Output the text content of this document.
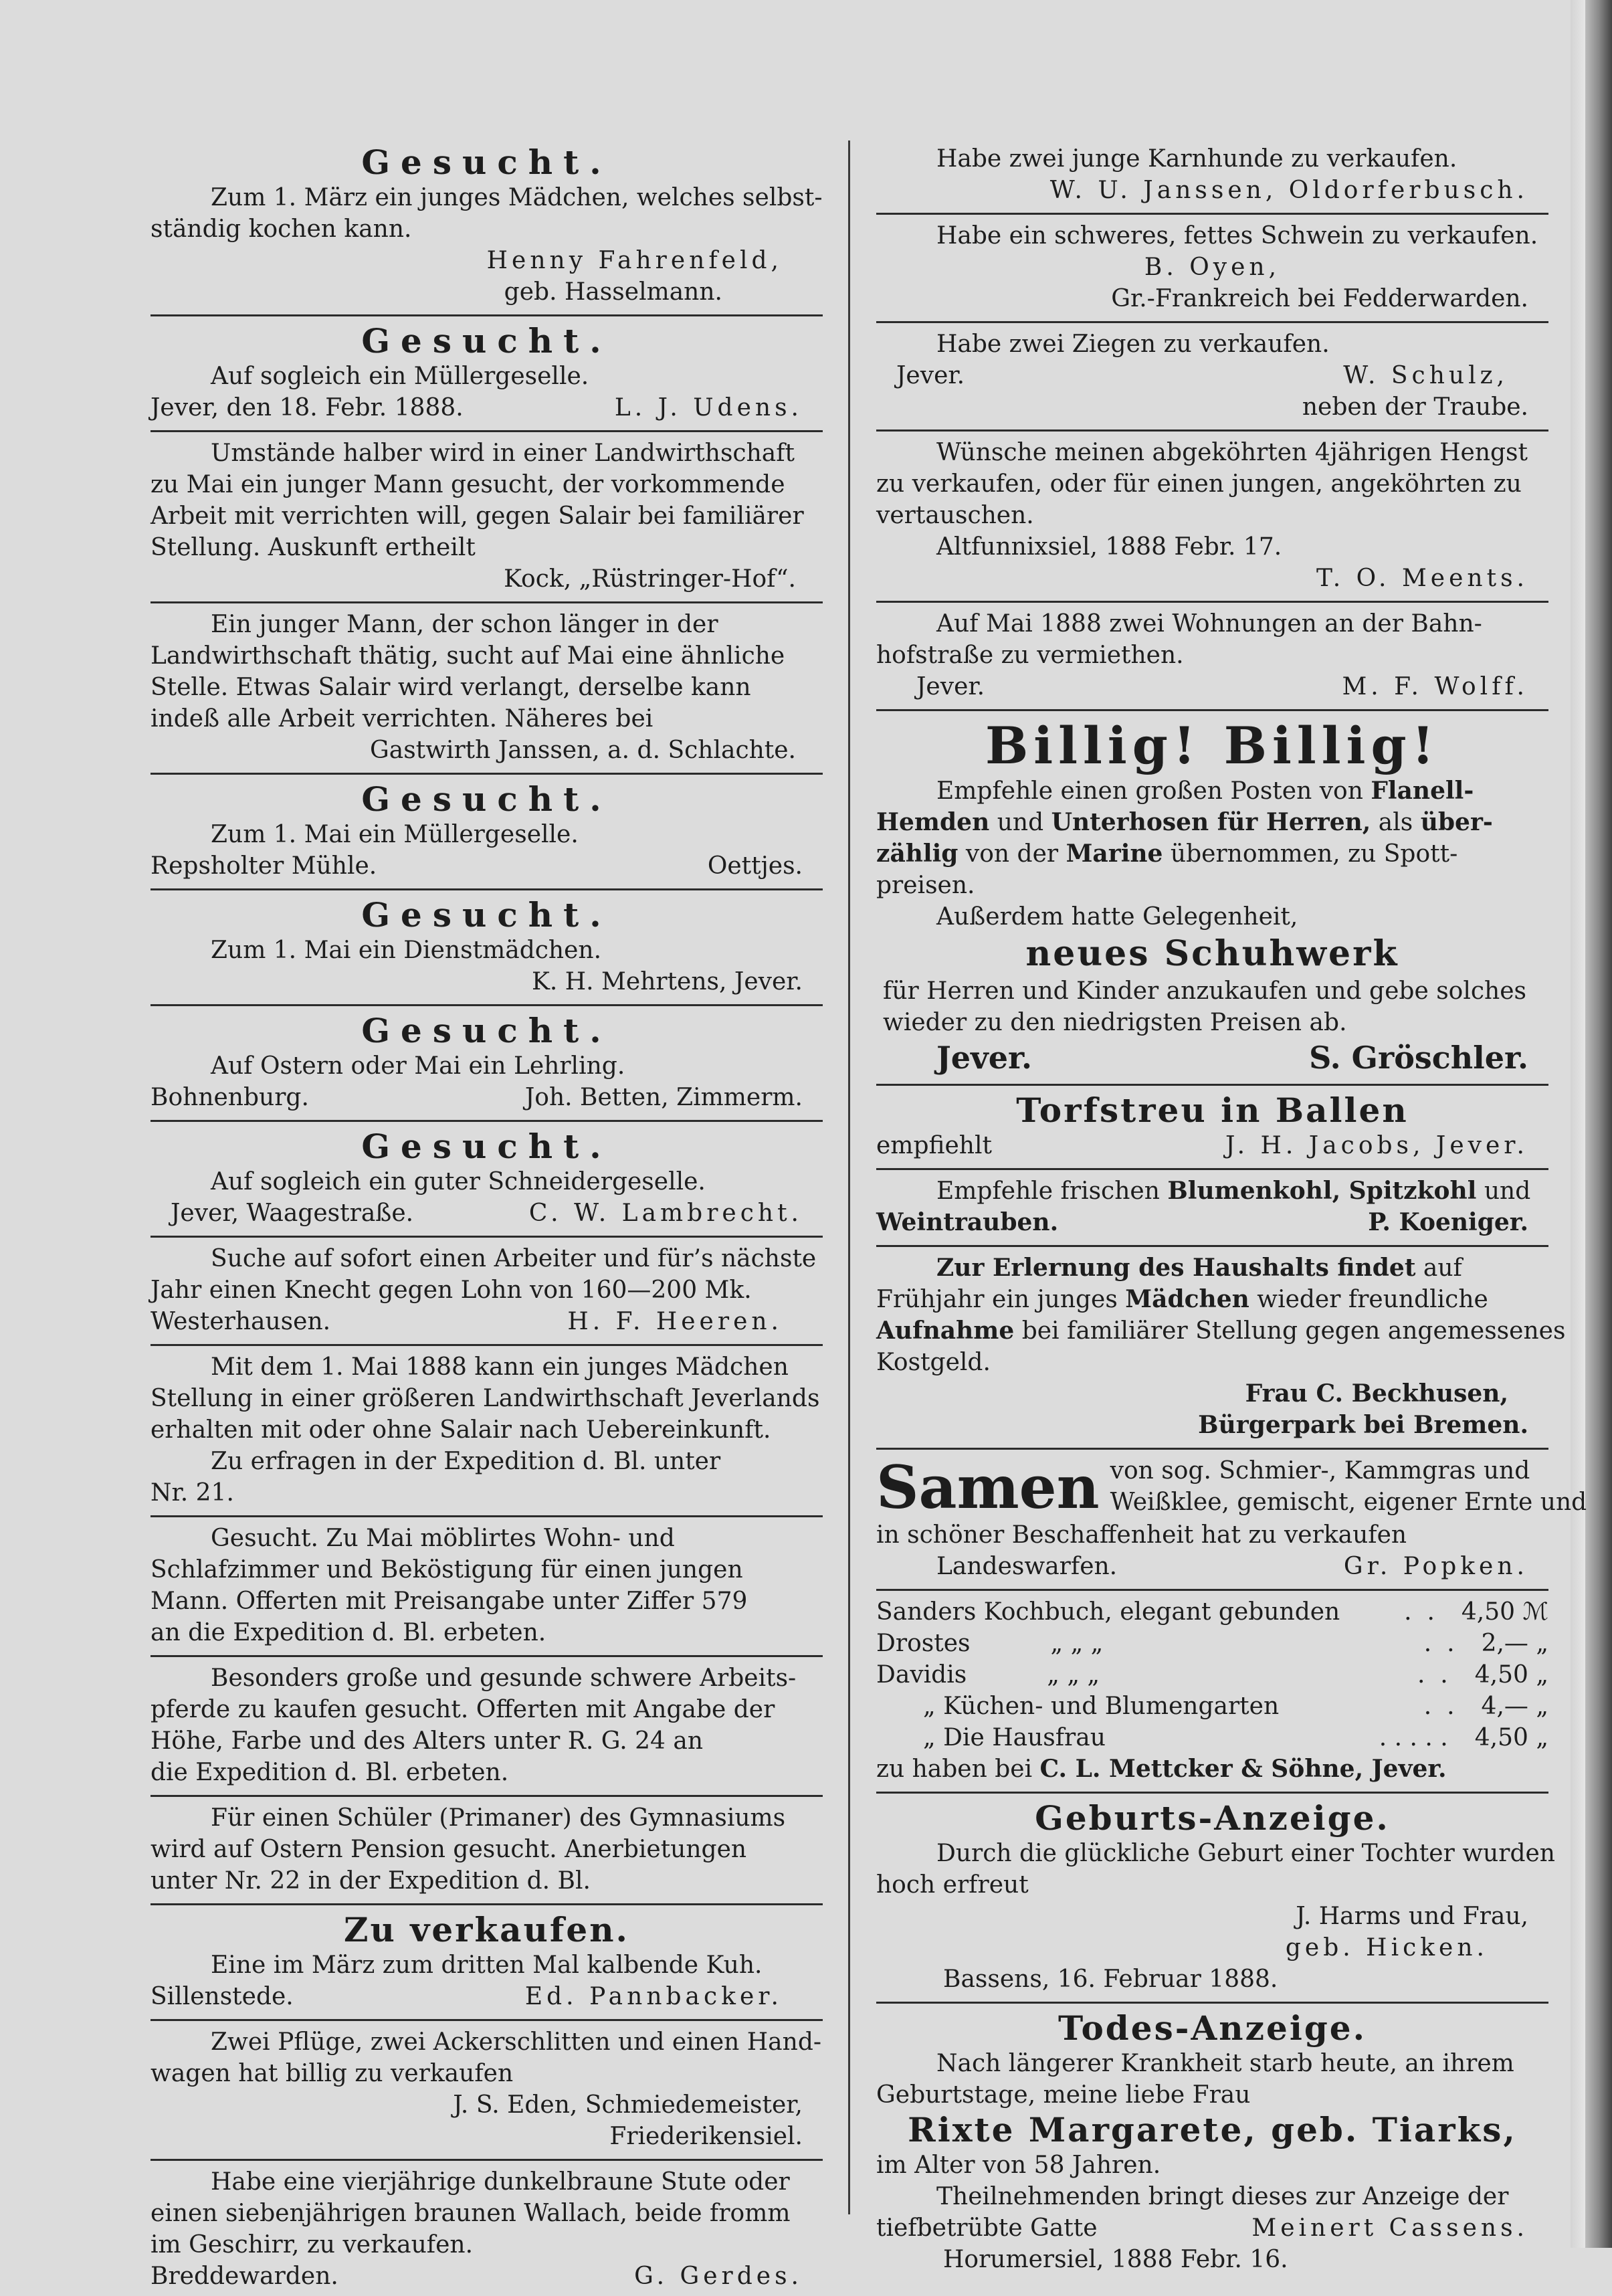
Gesucht.
Zum 1. März ein junges Mädchen, welches selbst-
ständig kochen kann.
Henny Fahrenfeld,
geb. Hasselmann.
Gesucht.
Auf sogleich ein Müllergeselle.
Jever, den 18. Febr. 1888.	L. J. Udens.
Umstände halber wird in einer Landwirthschaft
zu Mai ein junger Mann gesucht, der vorkommende
Arbeit mit verrichten will, gegen Salair bei familiärer
Stellung. Auskunft ertheilt
Kock, „Rüstringer-Hof“.
Ein junger Mann, der schon länger in der
Landwirthschaft thätig, sucht auf Mai eine ähnliche
Stelle. Etwas Salair wird verlangt, derselbe kann
indeß alle Arbeit verrichten. Näheres bei
Gastwirth Janssen, a. d. Schlachte.
Gesucht.
Zum 1. Mai ein Müllergeselle.
Repsholter Mühle.	Oettjes.
Gesucht.
Zum 1. Mai ein Dienstmädchen.
K. H. Mehrtens, Jever.
Gesucht.
Auf Ostern oder Mai ein Lehrling.
Bohnenburg.	Joh. Betten, Zimmerm.
Gesucht.
Auf sogleich ein guter Schneidergeselle.
Jever, Waagestraße.	C. W. Lambrecht.
Suche auf sofort einen Arbeiter und für’s nächste
Jahr einen Knecht gegen Lohn von 160—200 Mk.
Westerhausen.	H. F. Heeren.
Mit dem 1. Mai 1888 kann ein junges Mädchen
Stellung in einer größeren Landwirthschaft Jeverlands
erhalten mit oder ohne Salair nach Uebereinkunft.
Zu erfragen in der Expedition d. Bl. unter
Nr. 21.
Gesucht. Zu Mai möblirtes Wohn- und
Schlafzimmer und Beköstigung für einen jungen
Mann. Offerten mit Preisangabe unter Ziffer 579
an die Expedition d. Bl. erbeten.
Besonders große und gesunde schwere Arbeits-
pferde zu kaufen gesucht. Offerten mit Angabe der
Höhe, Farbe und des Alters unter R. G. 24 an
die Expedition d. Bl. erbeten.
Für einen Schüler (Primaner) des Gymnasiums
wird auf Ostern Pension gesucht. Anerbietungen
unter Nr. 22 in der Expedition d. Bl.
Zu verkaufen.
Eine im März zum dritten Mal kalbende Kuh.
Sillenstede.	Ed. Pannbacker.
Zwei Pflüge, zwei Ackerschlitten und einen Hand-
wagen hat billig zu verkaufen
J. S. Eden, Schmiedemeister,
Friederikensiel.
Habe eine vierjährige dunkelbraune Stute oder
einen siebenjährigen braunen Wallach, beide fromm
im Geschirr, zu verkaufen.
Breddewarden.	G. Gerdes.
Habe zwei junge Karnhunde zu verkaufen.
W. U. Janssen, Oldorferbusch.
Habe ein schweres, fettes Schwein zu verkaufen.
B. Oyen,
Gr.-Frankreich bei Fedderwarden.
Habe zwei Ziegen zu verkaufen.
Jever.	W. Schulz,
neben der Traube.
Wünsche meinen abgeköhrten 4jährigen Hengst
zu verkaufen, oder für einen jungen, angeköhrten zu
vertauschen.
Altfunnixsiel, 1888 Febr. 17.
T. O. Meents.
Auf Mai 1888 zwei Wohnungen an der Bahn-
hofstraße zu vermiethen.
Jever.	M. F. Wolff.
Billig! Billig!
Empfehle einen großen Posten von Flanell-
Hemden und Unterhosen für Herren, als über-
zählig von der Marine übernommen, zu Spott-
preisen.
Außerdem hatte Gelegenheit,
neues Schuhwerk
für Herren und Kinder anzukaufen und gebe solches
wieder zu den niedrigsten Preisen ab.
Jever.	S. Gröschler.
Torfstreu in Ballen
empfiehlt	J. H. Jacobs, Jever.
Empfehle frischen Blumenkohl, Spitzkohl und
Weintrauben.	P. Koeniger.
Zur Erlernung des Haushalts findet auf
Frühjahr ein junges Mädchen wieder freundliche
Aufnahme bei familiärer Stellung gegen angemessenes
Kostgeld.
Frau C. Beckhusen,
Bürgerpark bei Bremen.
Samen von sog. Schmier-, Kammgras und
Weißklee, gemischt, eigener Ernte und
in schöner Beschaffenheit hat zu verkaufen
Landeswarfen.	Gr. Popken.
Sanders Kochbuch, elegant gebunden	.  .	4,50 ℳ
Drostes	„ „ „	.  .	2,— „
Davidis	„ „ „	.  .	4,50 „
„ Küchen- und Blumengarten	.  .	4,— „
„ Die Hausfrau	. . . . .	4,50 „
zu haben bei C. L. Mettcker & Söhne, Jever.
Geburts-Anzeige.
Durch die glückliche Geburt einer Tochter wurden
hoch erfreut
J. Harms und Frau,
geb. Hicken.
Bassens, 16. Februar 1888.
Todes-Anzeige.
Nach längerer Krankheit starb heute, an ihrem
Geburtstage, meine liebe Frau
Rixte Margarete, geb. Tiarks,
im Alter von 58 Jahren.
Theilnehmenden bringt dieses zur Anzeige der
tiefbetrübte Gatte	Meinert Cassens.
Horumersiel, 1888 Febr. 16.
